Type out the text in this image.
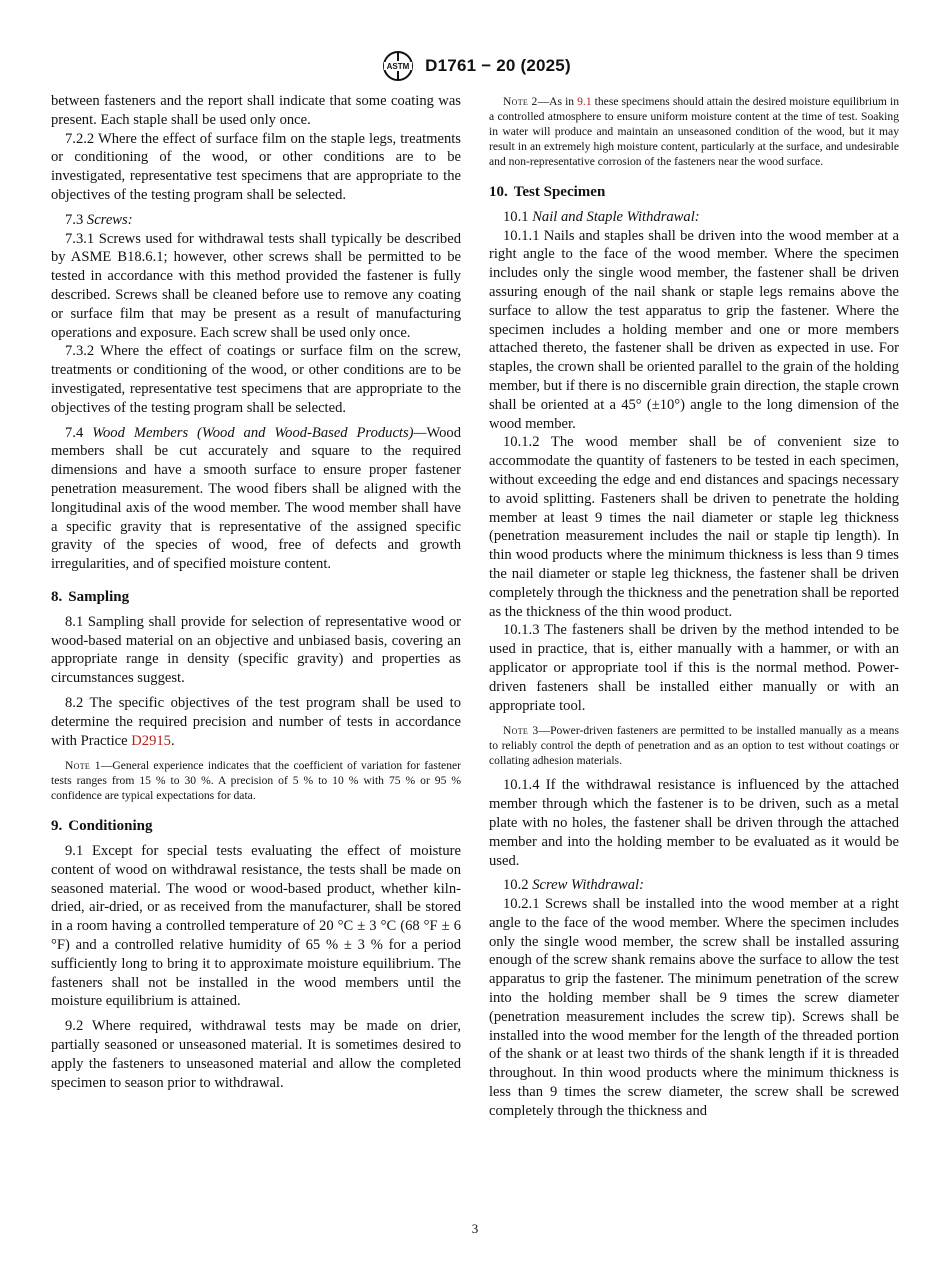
ASTM D1761 − 20 (2025)

between fasteners and the report shall indicate that some coating was present. Each staple shall be used only once.

7.2.2 Where the effect of surface film on the staple legs, treatments or conditioning of the wood, or other conditions are to be investigated, representative test specimens that are appropriate to the objectives of the testing program shall be selected.

7.3 Screws:

7.3.1 Screws used for withdrawal tests shall typically be described by ASME B18.6.1; however, other screws shall be permitted to be tested in accordance with this method provided the fastener is fully described. Screws shall be cleaned before use to remove any coating or surface film that may be present as a result of manufacturing operations and exposure. Each screw shall be used only once.

7.3.2 Where the effect of coatings or surface film on the screw, treatments or conditioning of the wood, or other conditions are to be investigated, representative test specimens that are appropriate to the objectives of the testing program shall be selected.

7.4 Wood Members (Wood and Wood-Based Products)—Wood members shall be cut accurately and square to the required dimensions and have a smooth surface to ensure proper fastener penetration measurement. The wood fibers shall be aligned with the longitudinal axis of the wood member. The wood member shall have a specific gravity that is representative of the assigned specific gravity of the species of wood, free of defects and growth irregularities, and of specified moisture content.

8. Sampling

8.1 Sampling shall provide for selection of representative wood or wood-based material on an objective and unbiased basis, covering an appropriate range in density (specific gravity) and properties as circumstances suggest.

8.2 The specific objectives of the test program shall be used to determine the required precision and number of tests in accordance with Practice D2915.

Note 1—General experience indicates that the coefficient of variation for fastener tests ranges from 15 % to 30 %. A precision of 5 % to 10 % with 75 % or 95 % confidence are typical expectations for data.

9. Conditioning

9.1 Except for special tests evaluating the effect of moisture content of wood on withdrawal resistance, the tests shall be made on seasoned material. The wood or wood-based product, whether kiln-dried, air-dried, or as received from the manufacturer, shall be stored in a room having a controlled temperature of 20 °C ± 3 °C (68 °F ± 6 °F) and a controlled relative humidity of 65 % ± 3 % for a period sufficiently long to bring it to approximate moisture equilibrium. The fasteners shall not be installed in the wood members until the moisture equilibrium is attained.

9.2 Where required, withdrawal tests may be made on drier, partially seasoned or unseasoned material. It is sometimes desired to apply the fasteners to unseasoned material and allow the completed specimen to season prior to withdrawal.

Note 2—As in 9.1 these specimens should attain the desired moisture equilibrium in a controlled atmosphere to ensure uniform moisture content at the time of test. Soaking in water will produce and maintain an unseasoned condition of the wood, but it may result in an extremely high moisture content, particularly at the surface, and undesirable and non-representative corrosion of the fasteners near the wood surface.

10. Test Specimen

10.1 Nail and Staple Withdrawal:

10.1.1 Nails and staples shall be driven into the wood member at a right angle to the face of the wood member. Where the specimen includes only the single wood member, the fastener shall be driven assuring enough of the nail shank or staple legs remains above the surface to allow the test apparatus to grip the fastener. Where the specimen includes a holding member and one or more members attached thereto, the fastener shall be driven as expected in use. For staples, the crown shall be oriented parallel to the grain of the holding member, but if there is no discernible grain direction, the staple crown shall be oriented at a 45° (±10°) angle to the long dimension of the wood member.

10.1.2 The wood member shall be of convenient size to accommodate the quantity of fasteners to be tested in each specimen, without exceeding the edge and end distances and spacings necessary to avoid splitting. Fasteners shall be driven to penetrate the holding member at least 9 times the nail diameter or staple leg thickness (penetration measurement includes the nail or staple tip length). In thin wood products where the minimum thickness is less than 9 times the nail diameter or staple leg thickness, the fastener shall be driven completely through the thickness and the penetration shall be reported as the thickness of the thin wood product.

10.1.3 The fasteners shall be driven by the method intended to be used in practice, that is, either manually with a hammer, or with an applicator or appropriate tool if this is the normal method. Power-driven fasteners shall be installed either manually or with an appropriate tool.

Note 3—Power-driven fasteners are permitted to be installed manually as a means to reliably control the depth of penetration and as an option to test without coatings or collating adhesion materials.

10.1.4 If the withdrawal resistance is influenced by the attached member through which the fastener is to be driven, such as a metal plate with no holes, the fastener shall be driven through the attached member and into the holding member to be evaluated as it would be used.

10.2 Screw Withdrawal:

10.2.1 Screws shall be installed into the wood member at a right angle to the face of the wood member. Where the specimen includes only the single wood member, the screw shall be installed assuring enough of the screw shank remains above the surface to allow the test apparatus to grip the fastener. The minimum penetration of the screw into the holding member shall be 9 times the screw diameter (penetration measurement includes the screw tip). Screws shall be installed into the wood member for the length of the threaded portion of the shank or at least two thirds of the shank length if it is threaded throughout. In thin wood products where the minimum thickness is less than 9 times the screw diameter, the screw shall be screwed completely through the thickness and

3
